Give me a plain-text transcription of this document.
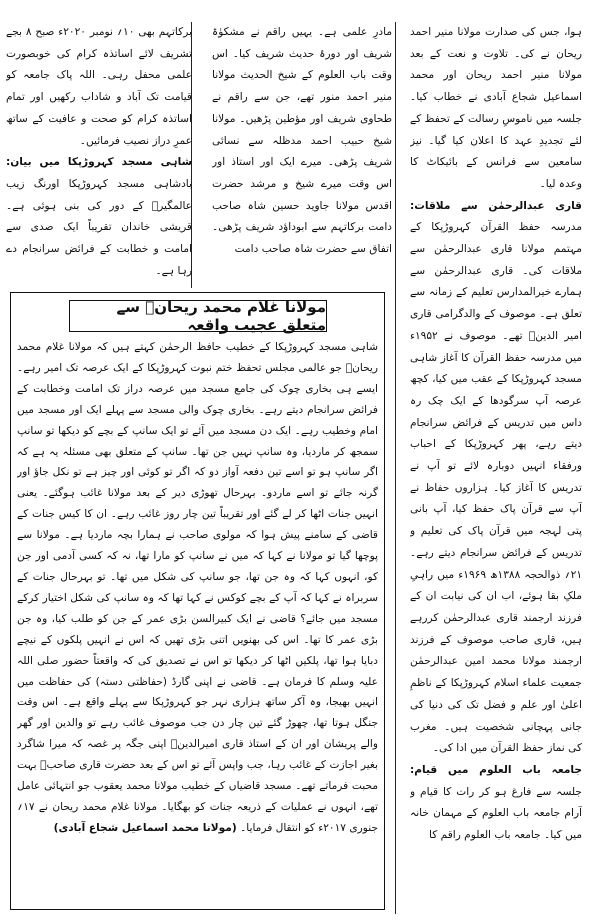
ہوا، جس کی صدارت مولانا منیر احمد ریحان نے کی۔ تلاوت و نعت کے بعد مولانا منیر احمد ریحان اور محمد اسماعیل شجاع آبادی نے خطاب کیا۔ جلسہ میں ناموسِ رسالت کے تحفظ کے لئے تجدیدِ عہد کا اعلان کیا گیا۔ نیز سامعین سے فرانس کے بائیکاٹ کا وعدہ لیا۔

قاری عبدالرحمٰن سے ملاقات: مدرسہ حفظ القرآن کہروڑپکا کے مہتمم مولانا قاری عبدالرحمٰن سے ملاقات کی۔ قاری عبدالرحمٰن سے ہمارے خیرالمدارس تعلیم کے زمانہ سے تعلق ہے۔ موصوف کے والدگرامی قاری امیر الدینؒ تھے۔ موصوف نے ۱۹۵۲ء میں مدرسہ حفظ القرآن کا آغاز شاہی مسجد کہروڑپکا کے عقب میں کیا، کچھ عرصہ آپ سرگودھا کے ایک چک رہ داس میں تدریس کے فرائض سرانجام دیتے رہے، پھر کہروڑپکا کے احباب ورفقاء انہیں دوبارہ لائے تو آپ نے تدریس کا آغاز کیا۔ ہزاروں حفاظ نے آپ سے قرآن پاک حفظ کیا، آپ بانی پتی لہجہ میں قرآن پاک کی تعلیم و تدریس کے فرائض سرانجام دیتے رہے۔ ۲۱؍ ذوالحجہ ۱۳۸۸ھ ۱۹۶۹ء میں راہیِ ملکِ بقا ہوئے، اب ان کی نیابت ان کے فرزند ارجمند قاری عبدالرحمٰن کررہے ہیں، قاری صاحب موصوف کے فرزند ارجمند مولانا محمد امین عبدالرحمٰن جمعیت علماء اسلام کہروڑپکا کے ناظمِ اعلیٰ اور علم و فضل تک کی دنیا کی جانی پہچانی شخصیت ہیں۔ مغرب کی نماز حفظ القرآن میں ادا کی۔

جامعہ باب العلوم میں قیام: جلسہ سے فارغ ہو کر رات کا قیام و آرام جامعہ باب العلوم کے مہمان خانہ میں کیا۔ جامعہ باب العلوم راقم کا

مادرِ علمی ہے۔ یہیں راقم نے مشکوٰۃ شریف اور دورۂ حدیث شریف کیا۔ اس وقت باب العلوم کے شیخ الحدیث مولانا منیر احمد منور تھے، جن سے راقم نے طحاوی شریف اور مؤطین پڑھیں۔ مولانا شیخ حبیب احمد مدظلہ سے نسائی شریف پڑھی۔ میرے ایک اور استاذ اور اس وقت میرے شیخ و مرشد حضرت اقدس مولانا جاوید حسین شاہ صاحب دامت برکاتہم سے ابوداؤد شریف پڑھی۔ اتفاق سے حضرت شاہ صاحب دامت

برکاتہم بھی ۱۰؍ نومبر ۲۰۲۰ء صبح ۸ بجے تشریف لائے اساتذہ کرام کی خوبصورت علمی محفل رہی۔ اللہ پاک جامعہ کو قیامت تک آباد و شاداب رکھیں اور تمام اساتذہ کرام کو صحت و عافیت کے ساتھ عمرِ دراز نصیب فرمائیں۔

شاہی مسجد کہروڑپکا میں بیان: بادشاہی مسجد کہروڑپکا اورنگ زیب عالمگیرؒ کے دور کی بنی ہوئی ہے۔ قریشی خاندان تقریباً ایک صدی سے امامت و خطابت کے فرائض سرانجام دے رہا ہے۔

مولانا غلام محمد ریحانؒ سے متعلق عجیب واقعہ

شاہی مسجد کہروڑپکا کے خطیب حافظ الرحمٰن کہتے ہیں کہ مولانا غلام محمد ریحانؒ جو عالمی مجلس تحفظ ختم نبوت کہروڑپکا کے ایک عرصہ تک امیر رہے۔ ایسے ہی بخاری چوک کی جامع مسجد میں عرصہ دراز تک امامت وخطابت کے فرائض سرانجام دیتے رہے۔ بخاری چوک والی مسجد سے پہلے ایک اور مسجد میں امام وخطیب رہے۔ ایک دن مسجد میں آئے تو ایک سانپ کے بچے کو دیکھا تو سانپ سمجھ کر ماردیا، وہ سانپ نہیں جن تھا۔ سانپ کے متعلق بھی مسئلہ یہ ہے کہ اگر سانپ ہو تو اسے تین دفعہ آواز دو کہ اگر تو کوئی اور چیز ہے تو نکل جاؤ اور گرنہ جائے تو اسے ماردو۔ بہرحال تھوڑی دیر کے بعد مولانا غائب ہوگئے۔ یعنی انہیں جنات اٹھا کر لے گئے اور تقریباً تین چار روز غائب رہے۔ ان کا کیس جنات کے قاضی کے سامنے پیش ہوا کہ مولوی صاحب نے ہمارا بچہ ماردیا ہے۔ مولانا سے پوچھا گیا تو مولانا نے کہا کہ میں نے سانپ کو مارا تھا، نہ کہ کسی آدمی اور جن کو، انہوں کہا کہ وہ جن تھا، جو سانپ کی شکل میں تھا۔ تو بہرحال جنات کے سربراہ نے کہا کہ آپ کے بچے کوکس نے کہا تھا کہ وہ سانپ کی شکل اختیار کرکے مسجد میں جائے؟ قاضی نے ایک کبیرالسن بڑی عمر کے جن کو طلب کیا، وہ جن بڑی عمر کا تھا۔ اس کی بھنویں اتنی بڑی تھیں کہ اس نے انہیں پلکوں کے نیچے دبایا ہوا تھا، پلکیں اٹھا کر دیکھا تو اس نے تصدیق کی کہ واقعتاً حضور صلی اللہ علیہ وسلم کا فرمان ہے۔ قاضی نے اپنی گارڈ (حفاظتی دستہ) کی حفاظت میں انہیں بھیجا، وہ آکر ساتھ ہزاری نہر جو کہروڑپکا سے پہلے واقع ہے۔ اس وقت جنگل ہوتا تھا، چھوڑ گئے تین چار دن جب موصوف غائب رہے تو والدین اور گھر والے پریشان اور ان کے استاذ قاری امیرالدینؒ اپنی جگہ پر غصہ کہ میرا شاگرد بغیر اجازت کے غائب رہا، جب واپس آئے تو اس کے بعد حضرت قاری صاحبؒ بہت محبت فرماتے تھے۔ مسجد قاضیاں کے خطیب مولانا محمد یعقوب جو انتہائی عامل تھے، انہوں نے عملیات کے ذریعہ جنات کو بھگایا۔ مولانا غلام محمد ریحان نے ۱۷؍ جنوری ۲۰۱۷ء کو انتقال فرمایا۔ (مولانا محمد اسماعیل شجاع آبادی)
